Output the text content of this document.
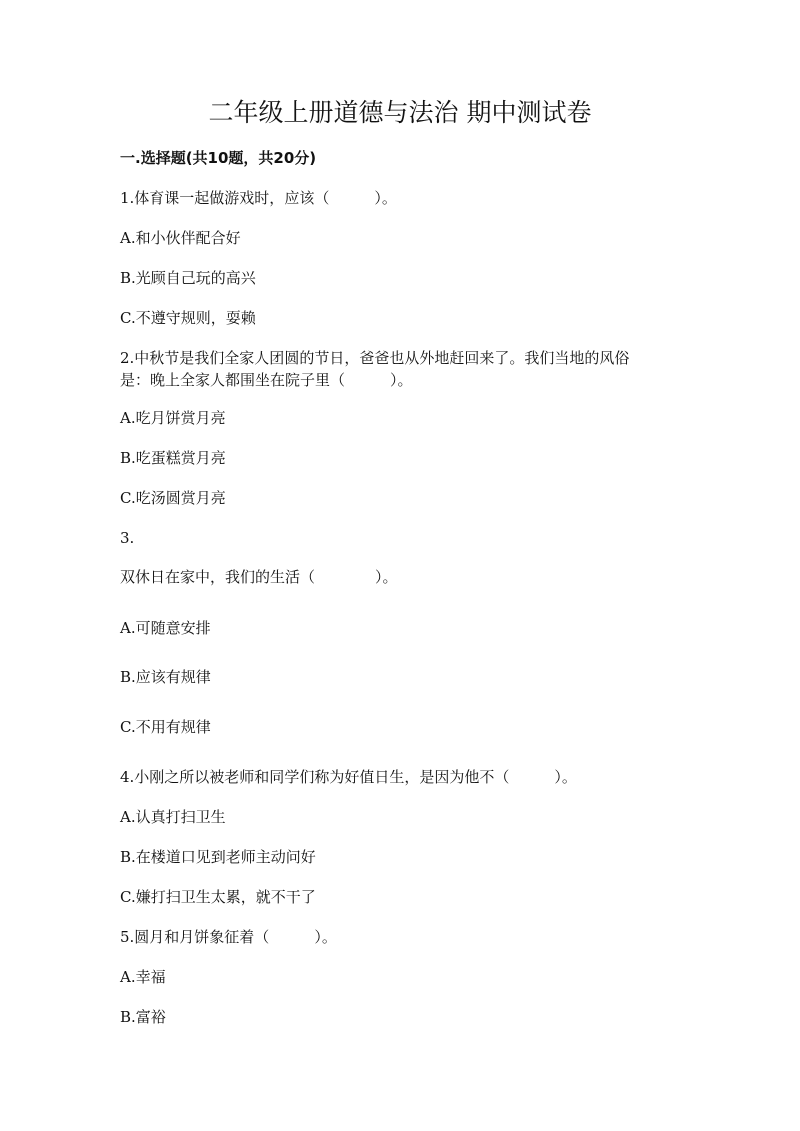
二年级上册道德与法治 期中测试卷

一.选择题(共10题，共20分)

1.体育课一起做游戏时，应该（　　　）。

A.和小伙伴配合好

B.光顾自己玩的高兴

C.不遵守规则，耍赖

2.中秋节是我们全家人团圆的节日，爸爸也从外地赶回来了。我们当地的风俗

是：晚上全家人都围坐在院子里（　　　）。

A.吃月饼赏月亮

B.吃蛋糕赏月亮

C.吃汤圆赏月亮

3.

双休日在家中，我们的生活（　　　　）。

A.可随意安排

B.应该有规律

C.不用有规律

4.小刚之所以被老师和同学们称为好值日生，是因为他不（　　　）。

A.认真打扫卫生

B.在楼道口见到老师主动问好

C.嫌打扫卫生太累，就不干了

5.圆月和月饼象征着（　　　）。

A.幸福

B.富裕
